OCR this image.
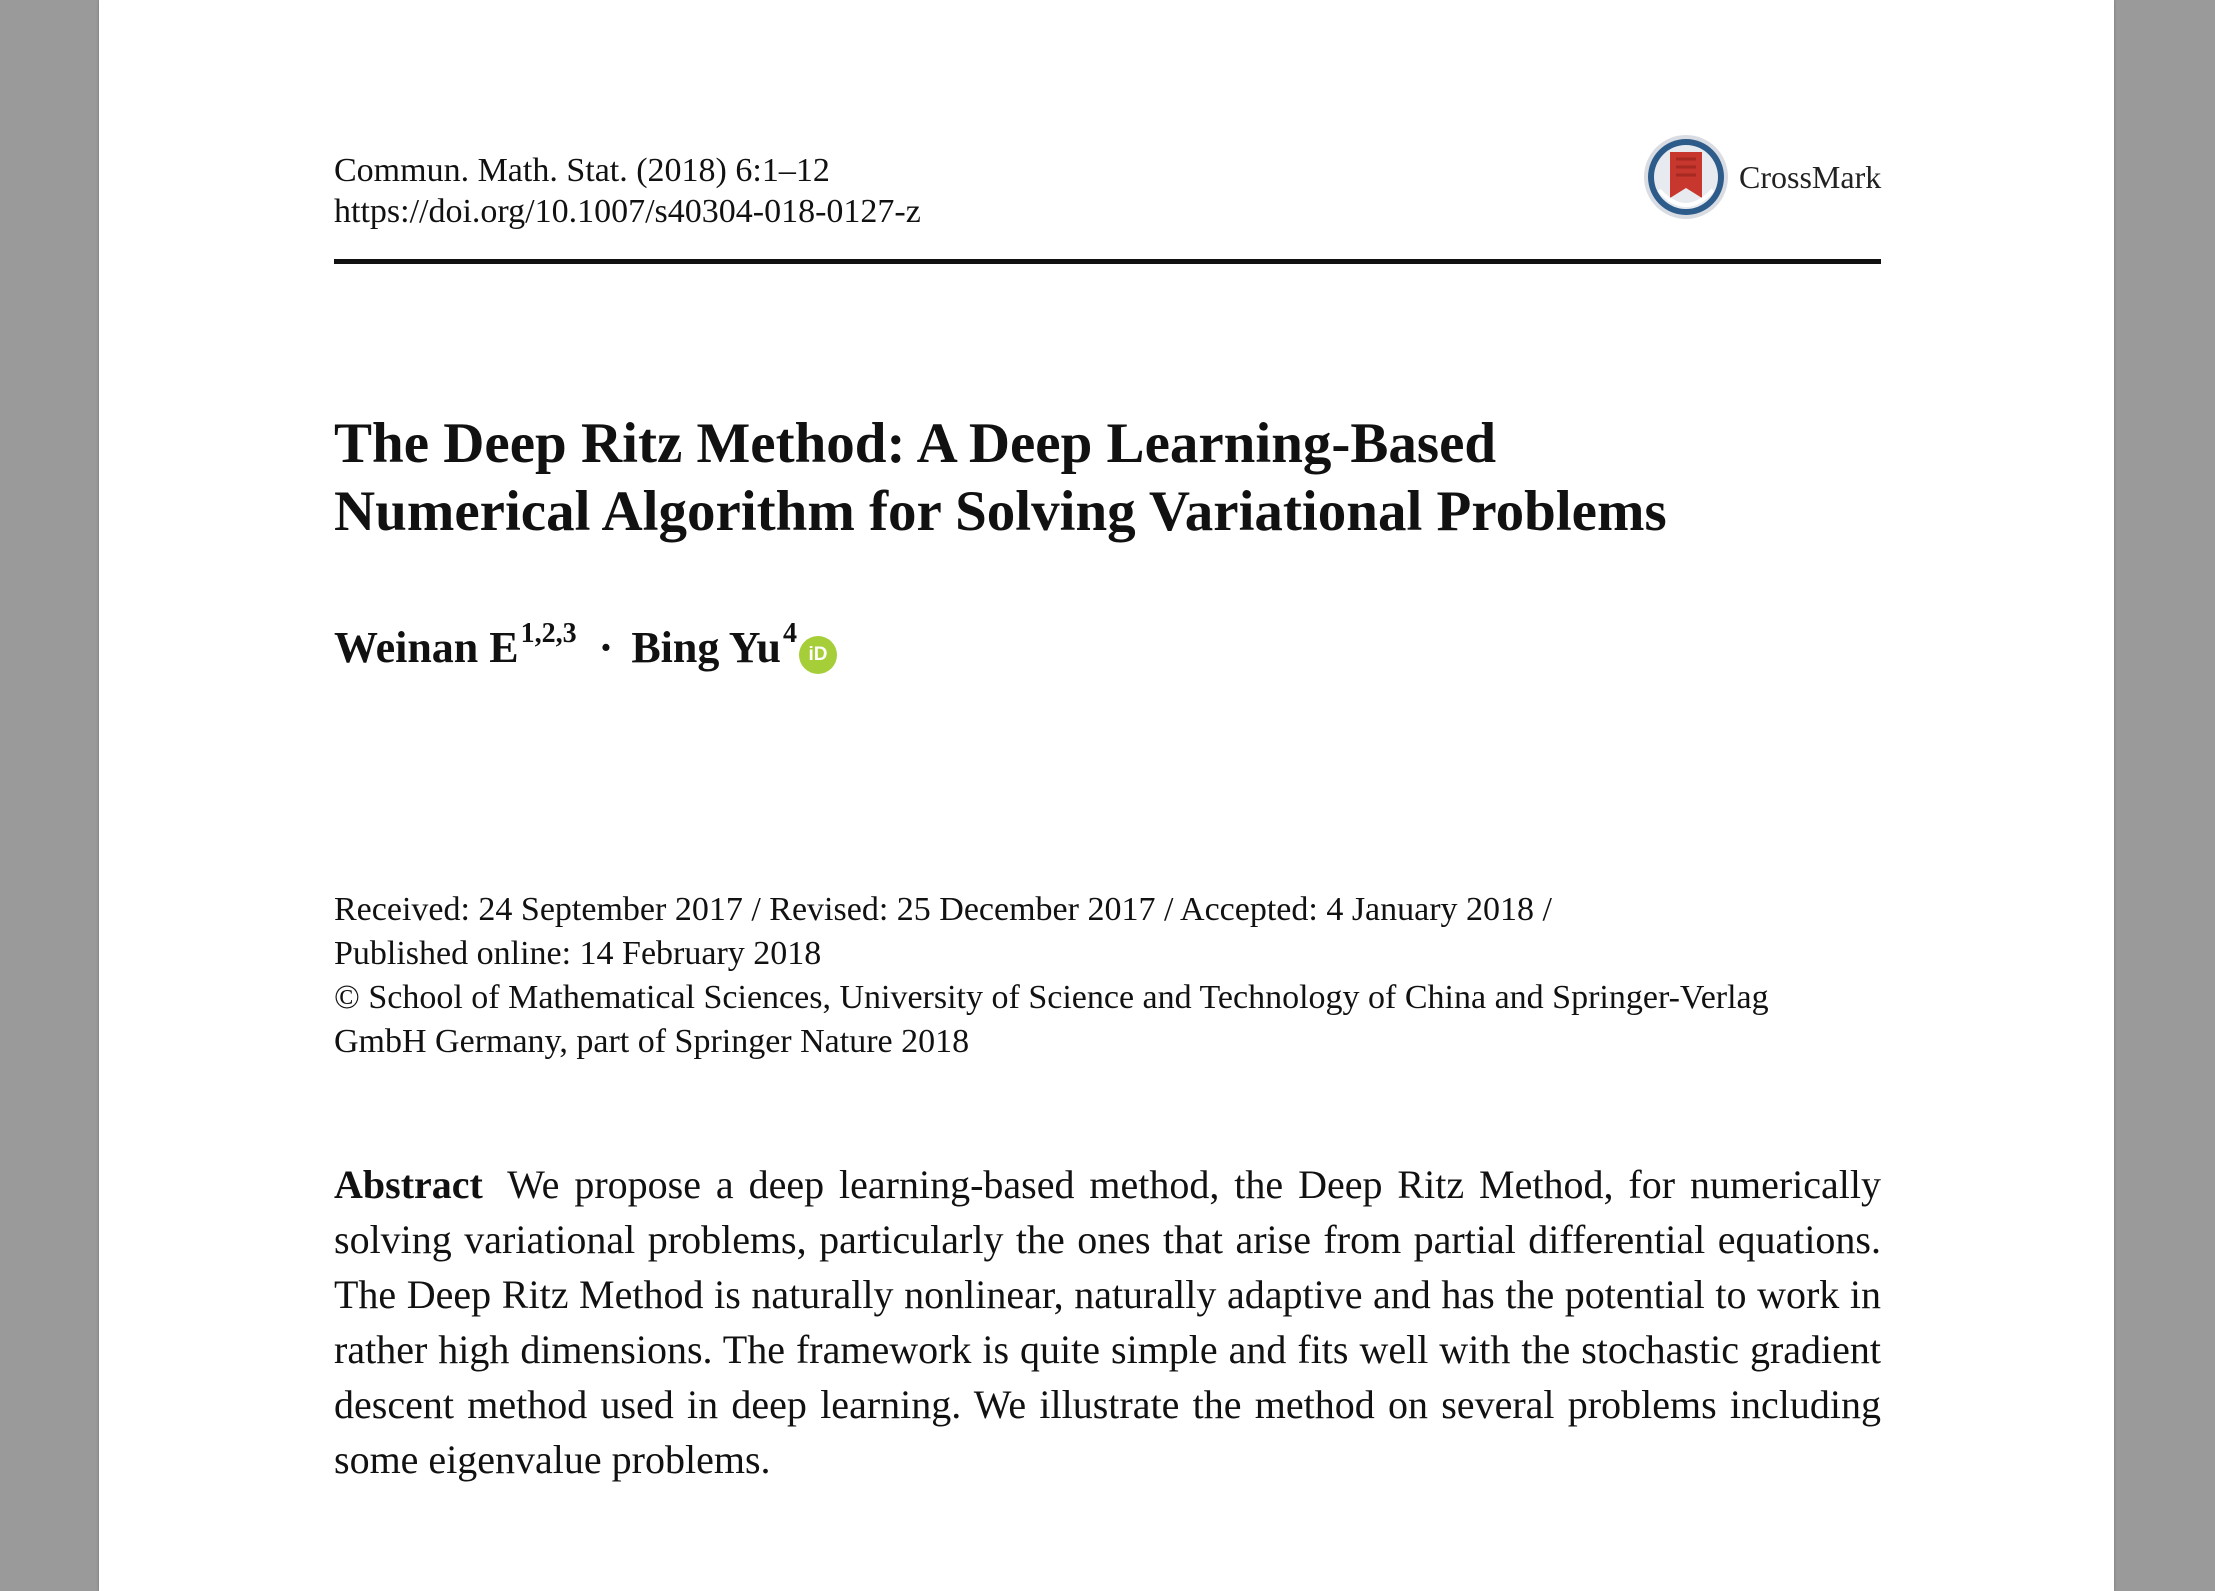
Commun. Math. Stat. (2018) 6:1–12
https://doi.org/10.1007/s40304-018-0127-z
CrossMark
The Deep Ritz Method: A Deep Learning-Based
Numerical Algorithm for Solving Variational Problems
Weinan E$^{1,2,3}$ · Bing Yu$^4$
iD
Received: 24 September 2017 / Revised: 25 December 2017 / Accepted: 4 January 2018 /
Published online: 14 February 2018
© School of Mathematical Sciences, University of Science and Technology of China and Springer-Verlag
GmbH Germany, part of Springer Nature 2018
Abstract We propose a deep learning-based method, the Deep Ritz Method, for numerically solving variational problems, particularly the ones that arise from partial differential equations. The Deep Ritz Method is naturally nonlinear, naturally adaptive and has the potential to work in rather high dimensions. The framework is quite simple and fits well with the stochastic gradient descent method used in deep learning. We illustrate the method on several problems including some eigenvalue problems.
